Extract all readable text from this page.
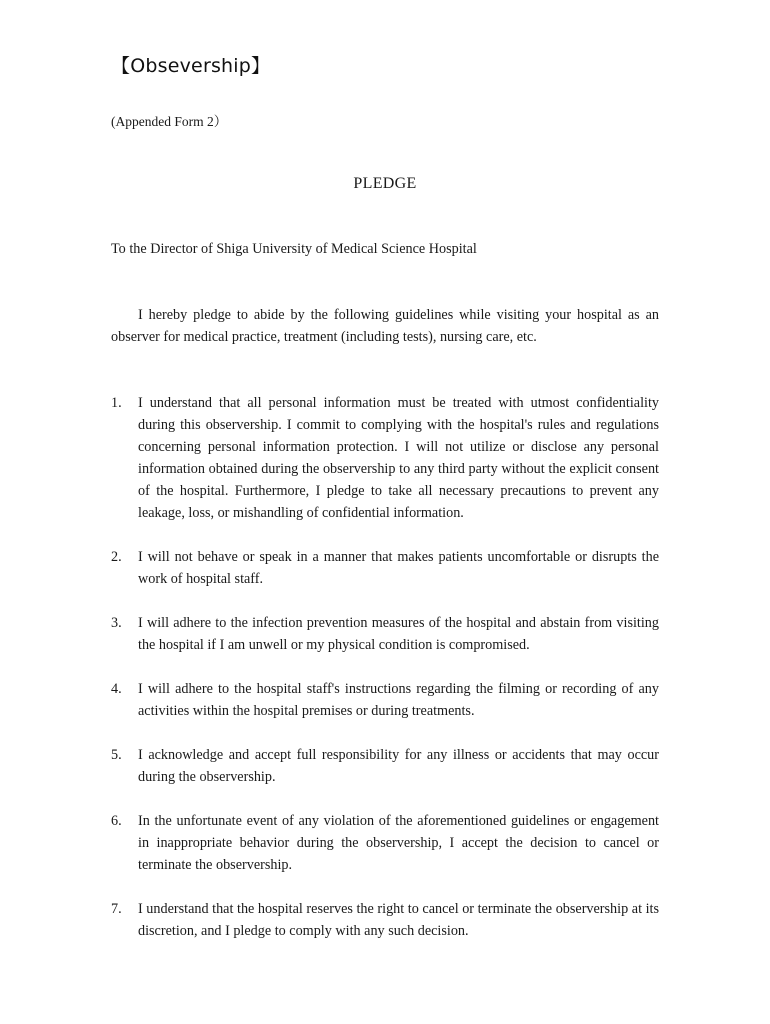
【Obsevership】
(Appended Form 2）
PLEDGE
To the Director of Shiga University of Medical Science Hospital

I hereby pledge to abide by the following guidelines while visiting your hospital as an observer for medical practice, treatment (including tests), nursing care, etc.

1. I understand that all personal information must be treated with utmost confidentiality during this observership. I commit to complying with the hospital's rules and regulations concerning personal information protection. I will not utilize or disclose any personal information obtained during the observership to any third party without the explicit consent of the hospital. Furthermore, I pledge to take all necessary precautions to prevent any leakage, loss, or mishandling of confidential information.
2. I will not behave or speak in a manner that makes patients uncomfortable or disrupts the work of hospital staff.
3. I will adhere to the infection prevention measures of the hospital and abstain from visiting the hospital if I am unwell or my physical condition is compromised.
4. I will adhere to the hospital staff's instructions regarding the filming or recording of any activities within the hospital premises or during treatments.
5. I acknowledge and accept full responsibility for any illness or accidents that may occur during the observership.
6. In the unfortunate event of any violation of the aforementioned guidelines or engagement in inappropriate behavior during the observership, I accept the decision to cancel or terminate the observership.
7. I understand that the hospital reserves the right to cancel or terminate the observership at its discretion, and I pledge to comply with any such decision.
